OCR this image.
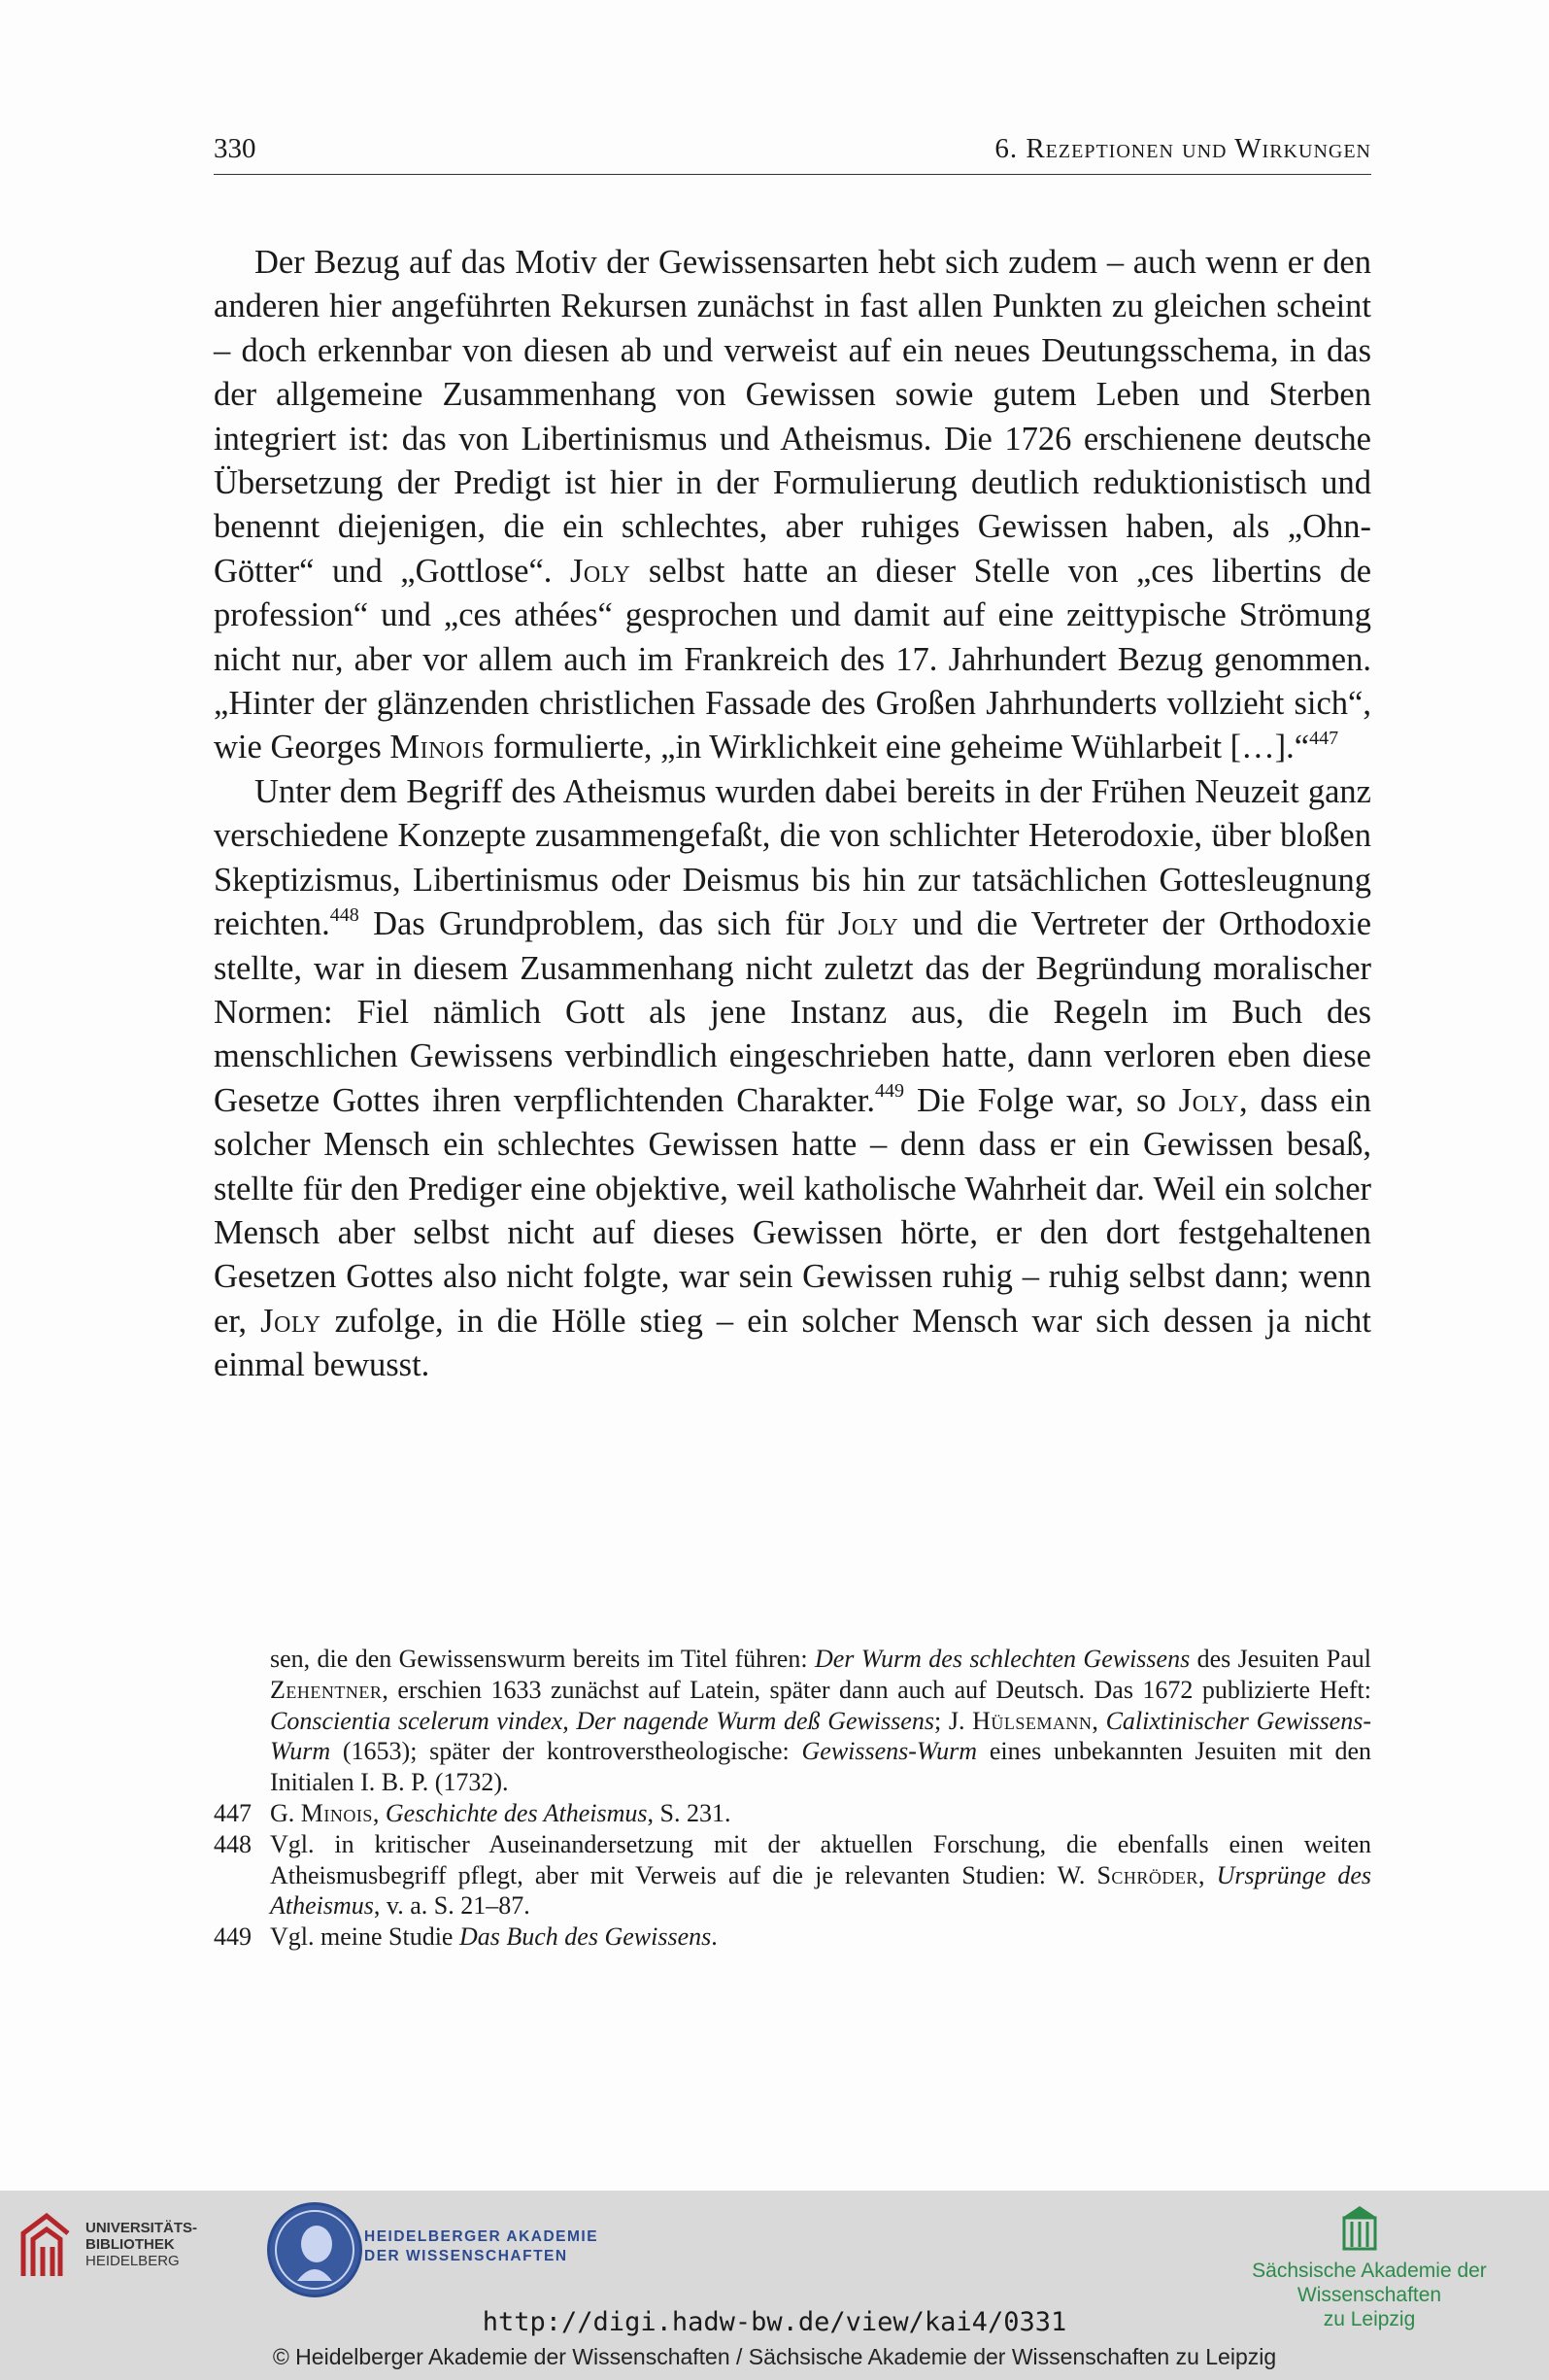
330	6. Rezeptionen und Wirkungen

Der Bezug auf das Motiv der Gewissensarten hebt sich zudem – auch wenn er den anderen hier angeführten Rekursen zunächst in fast allen Punkten zu gleichen scheint – doch erkennbar von diesen ab und verweist auf ein neues Deutungsschema, in das der allgemeine Zusammenhang von Gewissen sowie gutem Leben und Sterben integriert ist: das von Libertinismus und Atheismus. Die 1726 erschienene deutsche Übersetzung der Predigt ist hier in der Formulierung deutlich reduktionistisch und benennt diejenigen, die ein schlechtes, aber ruhiges Gewissen haben, als „Ohn-Götter“ und „Gottlose“. Joly selbst hatte an dieser Stelle von „ces libertins de profession“ und „ces athées“ gesprochen und damit auf eine zeittypische Strömung nicht nur, aber vor allem auch im Frankreich des 17. Jahrhundert Bezug genommen. „Hinter der glänzenden christlichen Fassade des Großen Jahrhunderts vollzieht sich“, wie Georges Minois formulierte, „in Wirklichkeit eine geheime Wühlarbeit […].“$^{447}$

Unter dem Begriff des Atheismus wurden dabei bereits in der Frühen Neuzeit ganz verschiedene Konzepte zusammengefaßt, die von schlichter Heterodoxie, über bloßen Skeptizismus, Libertinismus oder Deismus bis hin zur tatsächlichen Gottesleugnung reichten.$^{448}$ Das Grundproblem, das sich für Joly und die Vertreter der Orthodoxie stellte, war in diesem Zusammenhang nicht zuletzt das der Begründung moralischer Normen: Fiel nämlich Gott als jene Instanz aus, die Regeln im Buch des menschlichen Gewissens verbindlich eingeschrieben hatte, dann verloren eben diese Gesetze Gottes ihren verpflichtenden Charakter.$^{449}$ Die Folge war, so Joly, dass ein solcher Mensch ein schlechtes Gewissen hatte – denn dass er ein Gewissen besaß, stellte für den Prediger eine objektive, weil katholische Wahrheit dar. Weil ein solcher Mensch aber selbst nicht auf dieses Gewissen hörte, er den dort festgehaltenen Gesetzen Gottes also nicht folgte, war sein Gewissen ruhig – ruhig selbst dann; wenn er, Joly zufolge, in die Hölle stieg – ein solcher Mensch war sich dessen ja nicht einmal bewusst.

sen, die den Gewissenswurm bereits im Titel führen: Der Wurm des schlechten Gewissens des Jesuiten Paul Zehentner, erschien 1633 zunächst auf Latein, später dann auch auf Deutsch. Das 1672 publizierte Heft: Conscientia scelerum vindex, Der nagende Wurm deß Gewissens; J. Hülsemann, Calixtinischer Gewissens-Wurm (1653); später der kontroverstheologische: Gewissens-Wurm eines unbekannten Jesuiten mit den Initialen I. B. P. (1732).

447 G. Minois, Geschichte des Atheismus, S. 231.

448 Vgl. in kritischer Auseinandersetzung mit der aktuellen Forschung, die ebenfalls einen weiten Atheismusbegriff pflegt, aber mit Verweis auf die je relevanten Studien: W. Schröder, Ursprünge des Atheismus, v. a. S. 21–87.

449 Vgl. meine Studie Das Buch des Gewissens.

UNIVERSITÄTS-
BIBLIOTHEK
HEIDELBERG
HEIDELBERGER AKADEMIE
DER WISSENSCHAFTEN
Sächsische Akademie der Wissenschaften
zu Leipzig
http://digi.hadw-bw.de/view/kai4/0331
© Heidelberger Akademie der Wissenschaften / Sächsische Akademie der Wissenschaften zu Leipzig
